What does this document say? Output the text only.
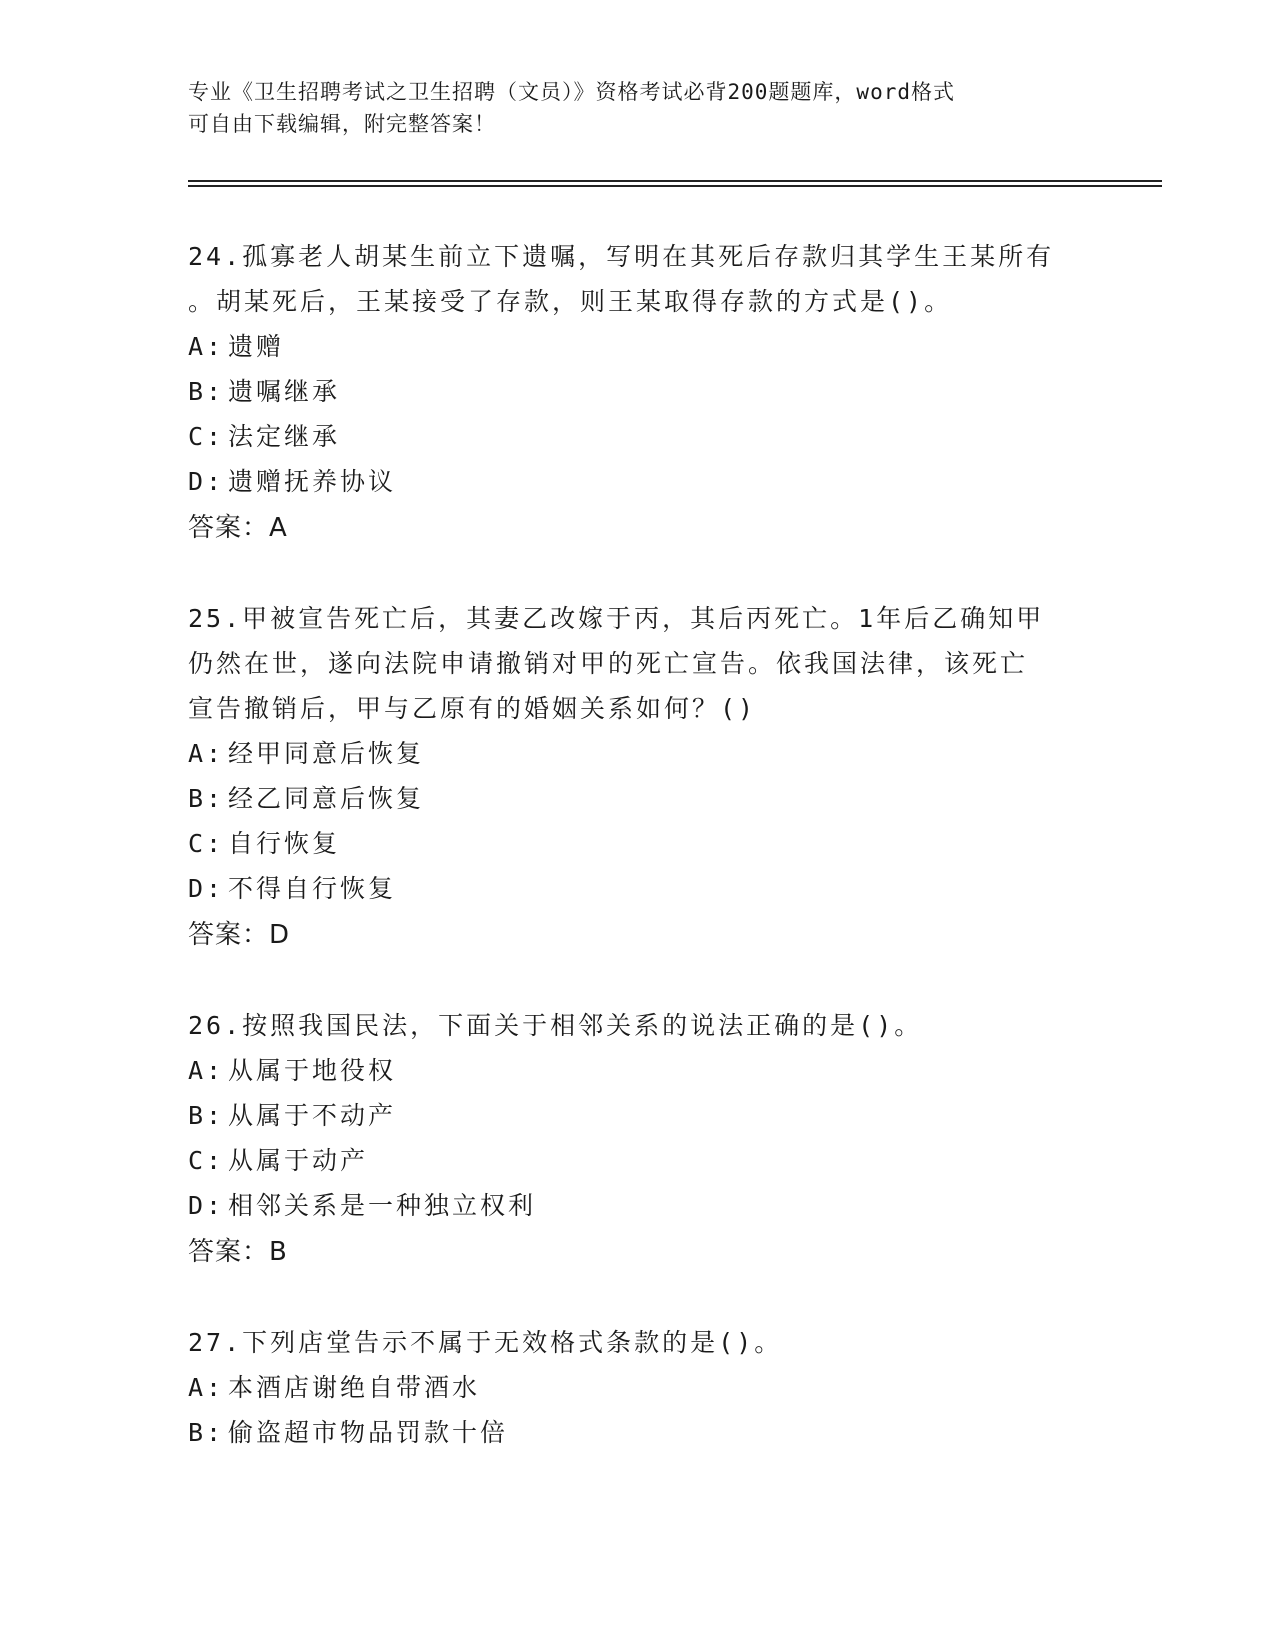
专业《卫生招聘考试之卫生招聘（文员）》资格考试必背200题题库，word格式
可自由下载编辑，附完整答案！
24.孤寡老人胡某生前立下遗嘱，写明在其死后存款归其学生王某所有
。胡某死后，王某接受了存款，则王某取得存款的方式是()。
A: 遗赠
B: 遗嘱继承
C: 法定继承
D: 遗赠抚养协议
答案：A
25.甲被宣告死亡后，其妻乙改嫁于丙，其后丙死亡。1年后乙确知甲
仍然在世，遂向法院申请撤销对甲的死亡宣告。依我国法律，该死亡
宣告撤销后，甲与乙原有的婚姻关系如何？()
A: 经甲同意后恢复
B: 经乙同意后恢复
C: 自行恢复
D: 不得自行恢复
答案：D
26.按照我国民法，下面关于相邻关系的说法正确的是()。
A: 从属于地役权
B: 从属于不动产
C: 从属于动产
D: 相邻关系是一种独立权利
答案：B
27.下列店堂告示不属于无效格式条款的是()。
A: 本酒店谢绝自带酒水
B: 偷盗超市物品罚款十倍
